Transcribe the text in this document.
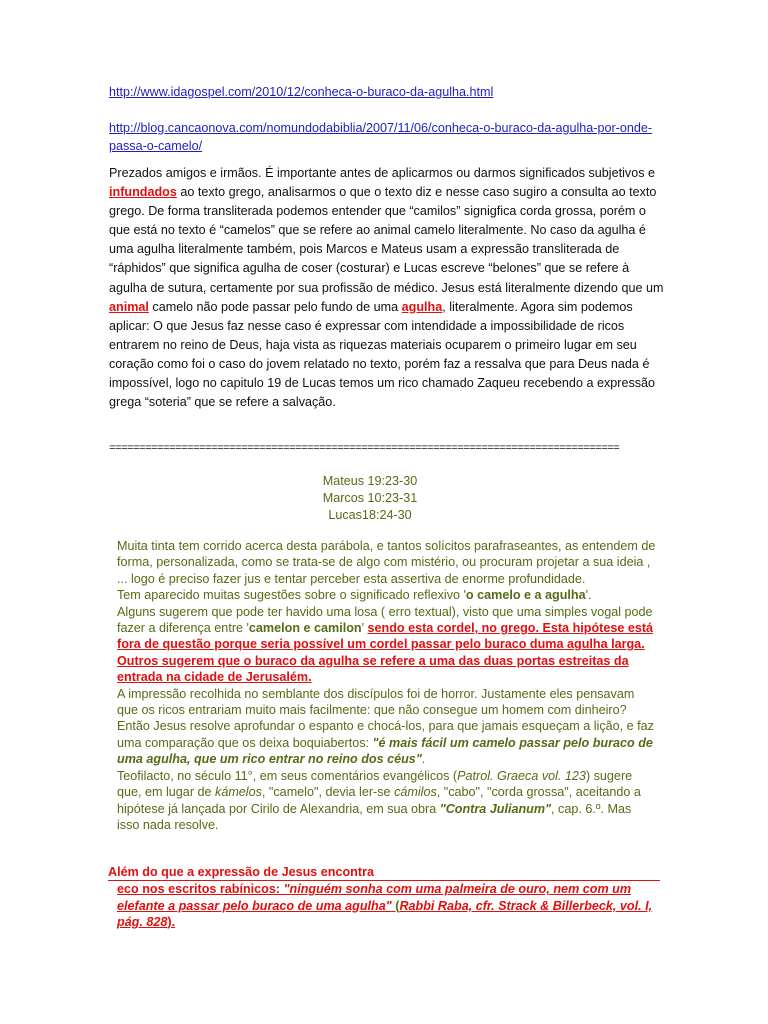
http://www.idagospel.com/2010/12/conheca-o-buraco-da-agulha.html
http://blog.cancaonova.com/nomundodabiblia/2007/11/06/conheca-o-buraco-da-agulha-por-onde-passa-o-camelo/
Prezados amigos e irmãos. É importante antes de aplicarmos ou darmos significados subjetivos e infundados ao texto grego, analisarmos o que o texto diz e nesse caso sugiro a consulta ao texto grego. De forma transliterada podemos entender que “camilos” signigfica corda grossa, porém o que está no texto é “camelos” que se refere ao animal camelo literalmente. No caso da agulha é uma agulha literalmente também, pois Marcos e Mateus usam a expressão transliterada de “ráphidos” que significa agulha de coser (costurar) e Lucas escreve “belones” que se refere à agulha de sutura, certamente por sua profissão de médico. Jesus está literalmente dizendo que um animal camelo não pode passar pelo fundo de uma agulha, literalmente. Agora sim podemos aplicar: O que Jesus faz nesse caso é expressar com intendidade a impossibilidade de ricos entrarem no reino de Deus, haja vista as riquezas materiais ocuparem o primeiro lugar em seu coração como foi o caso do jovem relatado no texto, porém faz a ressalva que para Deus nada é impossível, logo no capitulo 19 de Lucas temos um rico chamado Zaqueu recebendo a expressão grega “soteria” que se refere a salvação.
=====================================================================================
Mateus 19:23-30
Marcos 10:23-31
Lucas18:24-30

Muita tinta tem corrido acerca desta parábola, e tantos solícitos parafraseantes, as entendem de forma, personalizada, como se trata-se de algo com mistério, ou procuram projetar a sua ideia , ... logo é preciso fazer jus e tentar perceber esta assertiva de enorme profundidade.

Tem aparecido muitas sugestões sobre o significado reflexivo 'o camelo e a agulha'.

Alguns sugerem que pode ter havido uma losa ( erro textual), visto que uma simples vogal pode fazer a diferença entre 'camelon e camilon' sendo esta cordel, no grego. Esta hipótese está fora de questão porque seria possível um cordel passar pelo buraco duma agulha larga.

Outros sugerem que o buraco da agulha se refere a uma das duas portas estreitas da entrada na cidade de Jerusalém.

A impressão recolhida no semblante dos discípulos foi de horror. Justamente eles pensavam que os ricos entrariam muito mais facilmente: que não consegue um homem com dinheiro? Então Jesus resolve aprofundar o espanto e chocá-los, para que jamais esqueçam a lição, e faz uma comparação que os deixa boquiabertos: "é mais fácil um camelo passar pelo buraco de uma agulha, que um rico entrar no reino dos céus".

Teofilacto, no século 11°, em seus comentários evangélicos (Patrol. Graeca vol. 123) sugere que, em lugar de kámelos, "camelo", devia ler-se cámilos, "cabo", "corda grossa", aceitando a hipótese já lançada por Cirilo de Alexandria, em sua obra "Contra Julianum", cap. 6.º. Mas isso nada resolve.

Além do que a expressão de Jesus encontra
eco nos escritos rabínicos: "ninguém sonha com uma palmeira de ouro, nem com um elefante a passar pelo buraco de uma agulha" (Rabbi Raba, cfr. Strack & Billerbeck, vol. I, pág. 828).
